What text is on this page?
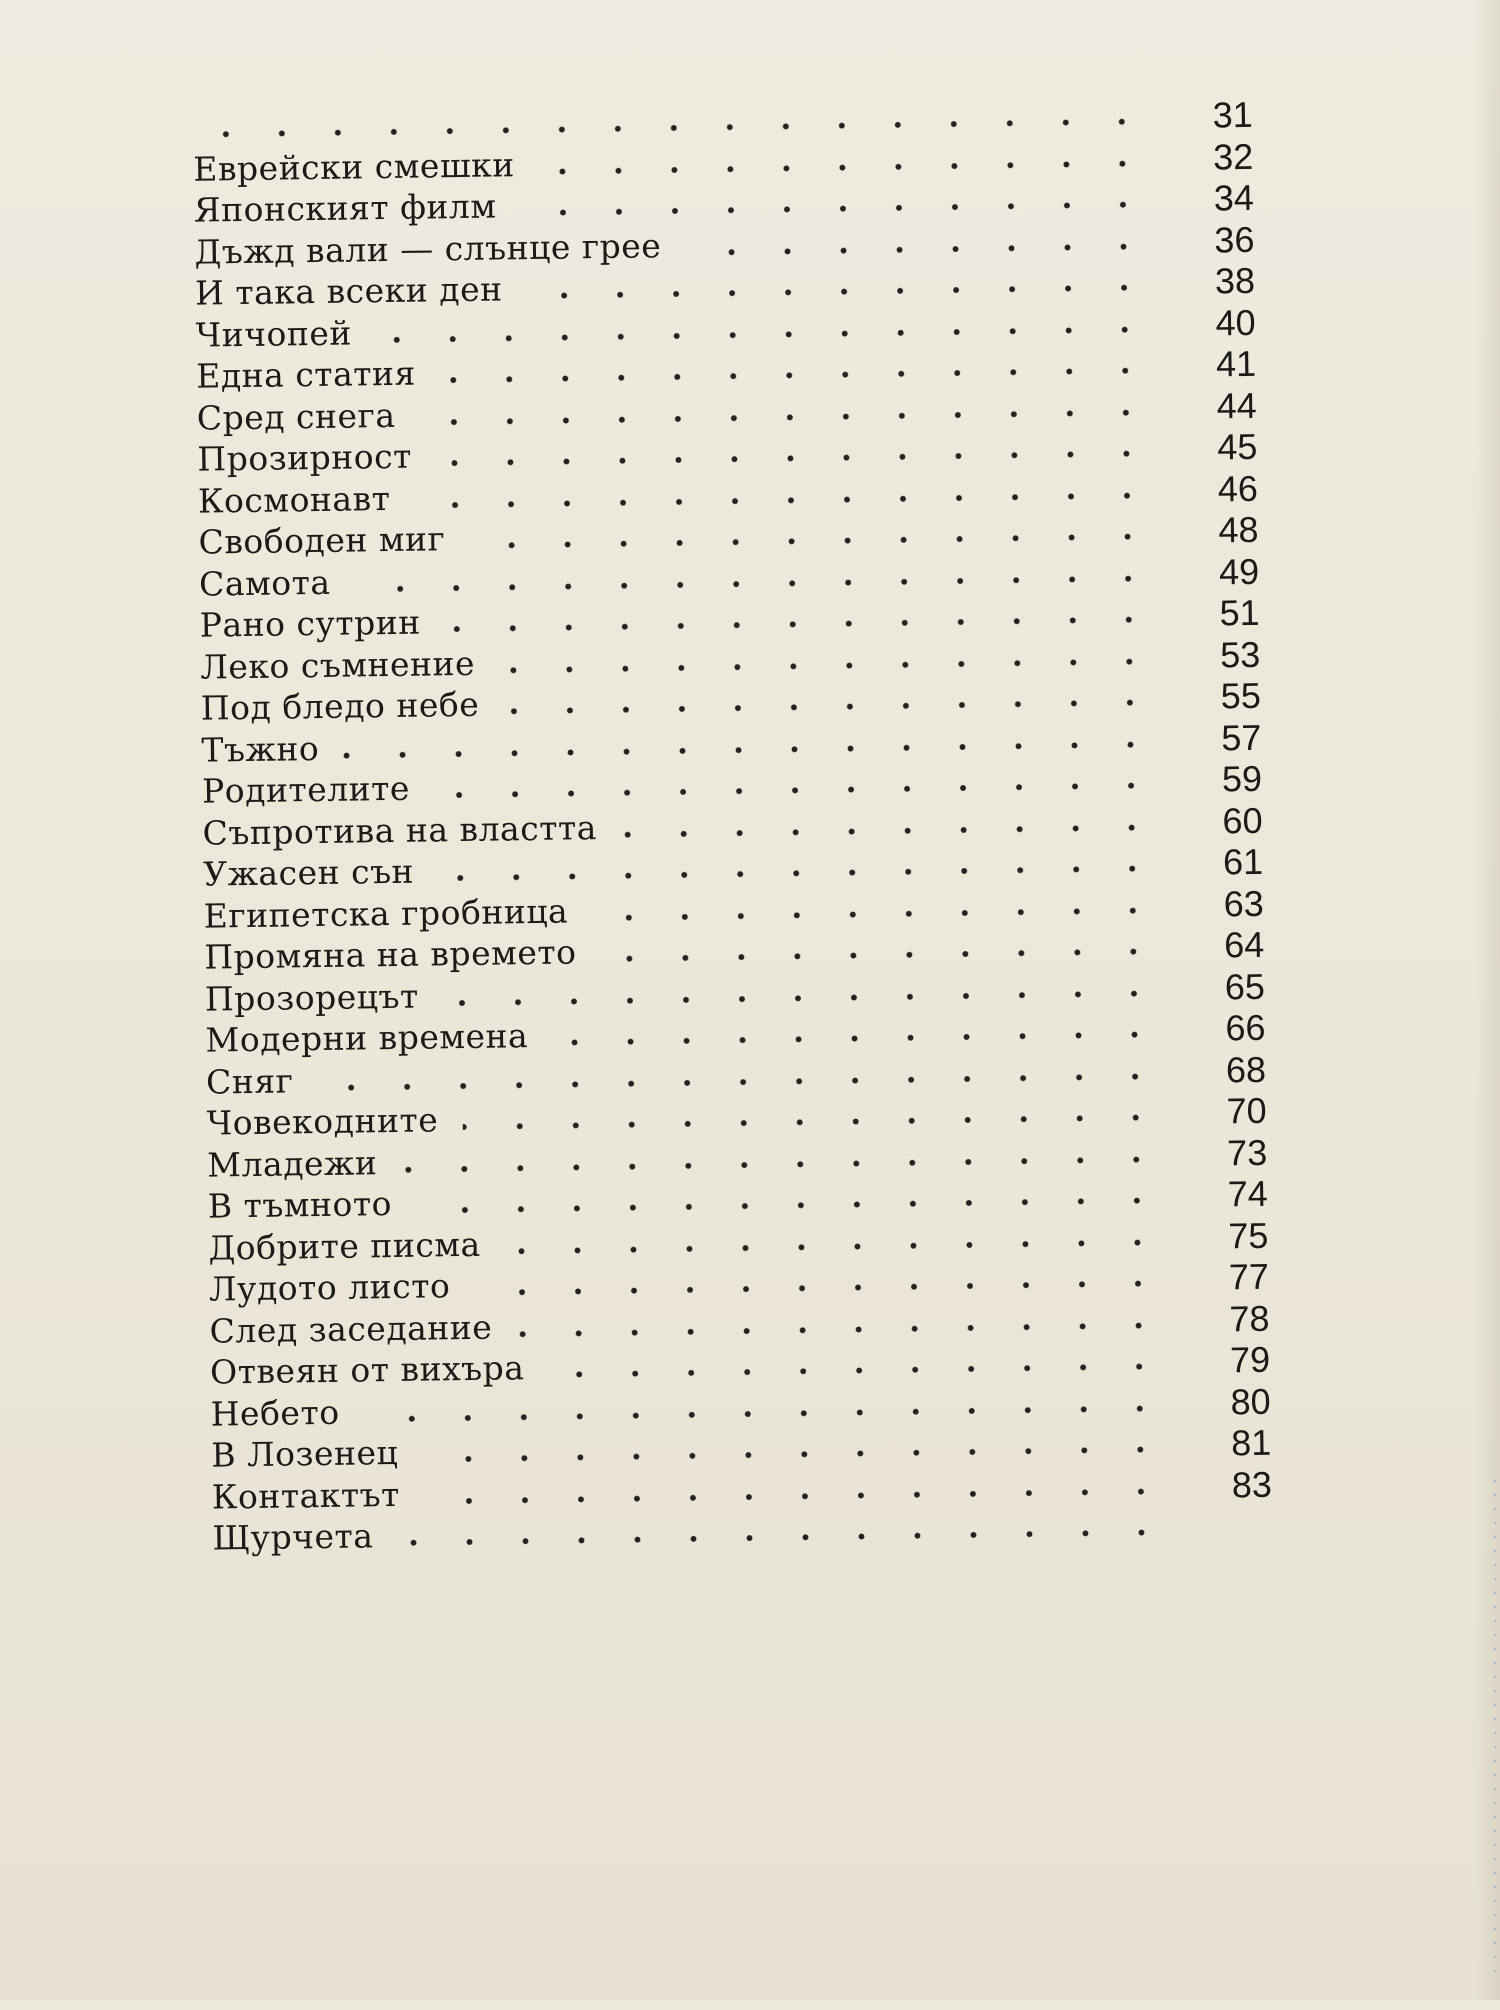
31
Еврейски смешки	32
Японският филм	34
Дъжд вали — слънце грее	36
И така всеки ден	38
Чичопей	40
Една статия	41
Сред снега	44
Прозирност	45
Космонавт	46
Свободен миг	48
Самота	49
Рано сутрин	51
Леко съмнение	53
Под бледо небе	55
Тъжно	57
Родителите	59
Съпротива на властта	60
Ужасен сън	61
Египетска гробница	63
Промяна на времето	64
Прозорецът	65
Модерни времена	66
Сняг	68
Човекодните	70
Младежи	73
В тъмното	74
Добрите писма	75
Лудото листо	77
След заседание	78
Отвеян от вихъра	79
Небето	80
В Лозенец	81
Контактът	83
Щурчета
